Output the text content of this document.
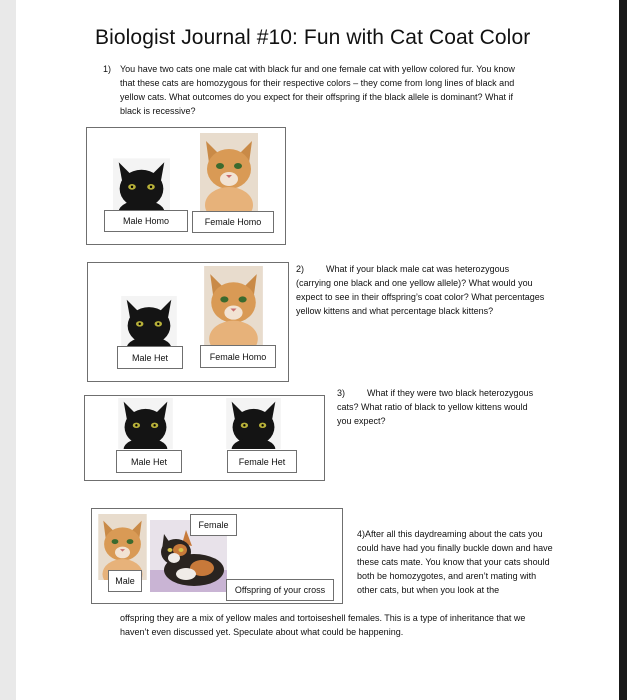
Biologist Journal #10: Fun with Cat Coat Color
1) You have two cats one male cat with black fur and one female cat with yellow colored fur. You know that these cats are homozygous for their respective colors – they come from long lines of black and yellow cats. What outcomes do you expect for their offspring if the black allele is dominant? What if black is recessive?
Male Homo	Female Homo
Male Het	Female Homo
2) What if your black male cat was heterozygous (carrying one black and one yellow allele)? What would you expect to see in their offspring’s coat color? What percentages yellow kittens and what percentage black kittens?
Male Het	Female Het
3) What if they were two black heterozygous cats? What ratio of black to yellow kittens would you expect?
Female
Male
Offspring of your cross
4)After all this daydreaming about the cats you could have had you finally buckle down and have these cats mate. You know that your cats should both be homozygotes, and aren’t mating with other cats, but when you look at the
offspring they are a mix of yellow males and tortoiseshell females. This is a type of inheritance that we haven’t even discussed yet. Speculate about what could be happening.
